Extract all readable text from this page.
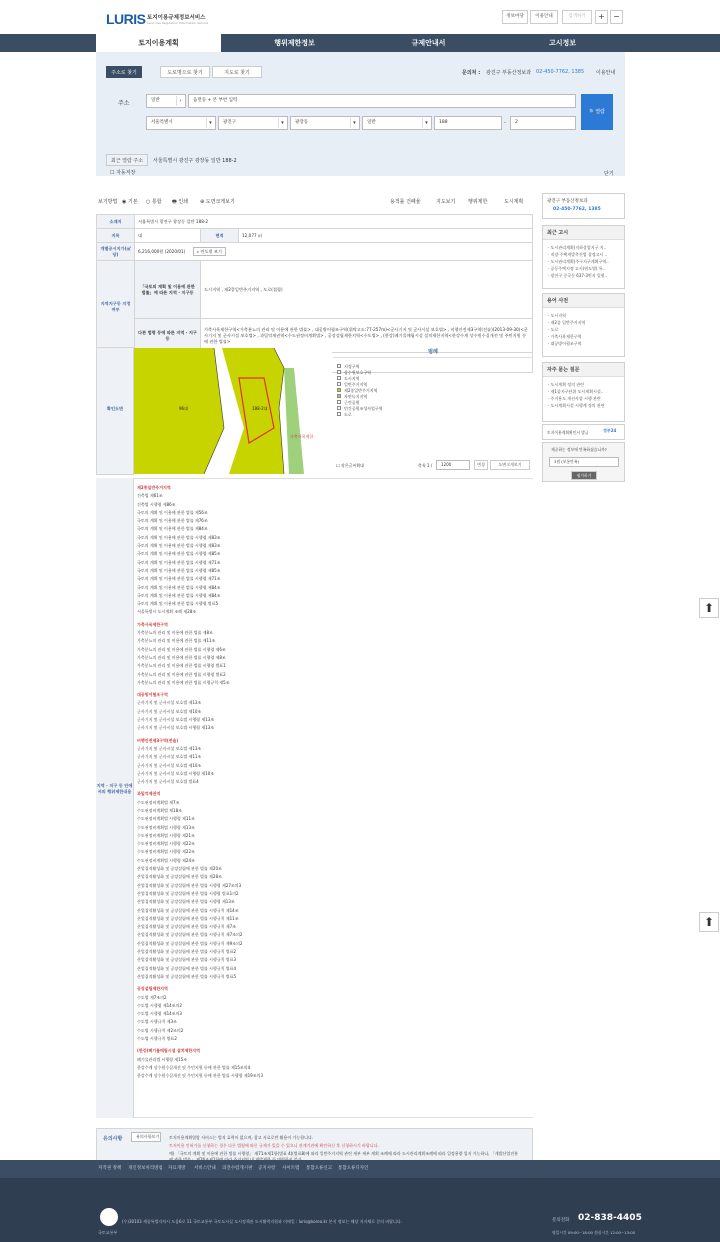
LURIS 토지이용규제정보서비스
Land Use Regulation Information Service
정보마당	이용안내	검색하기	+	−
토지이용계획	행위제한정보	규제안내서	고시정보
주소로 찾기	도로명으로 찾기	지도로 찾기	문의처 : 광진구 부동산정보과 02-450-7762, 1385 이용안내
주소	일반	›	읍면동 + 본 부번 입력
서울특별시	▾	광진구	▾	광장동	▾	일반	▾	188	-	2
🔍열람
최근 열람 주소	서울특별시 광진구 광장동 일반 188-2
☐ 자동저장	닫기
보기방법 ◉ 기본 ○ 통합 🖶 인쇄 ⊕ 도면크게보기	용적률 건폐율	지도보기	행위제한	도시계획
소재지	서울특별시 광진구 광장동 일반 188-2		
지목	대	면적	12,077 ㎡
개별공시지가(㎡당)	6,216,000원 (2020/01) ⌕ 연도별 보기		
지역지구등 지정여부	「국토의 계획 및 이용에 관한 법률」에 따른 지역 · 지구등	도시지역 , 제2종일반주거지역 , 도로(접합)	
	다른 법령 등에 따른 지역 · 지구등	가축사육제한구역<가축분뇨의 관리 및 이용에 관한 법률> , 대공방어협조구역(위탁고도:77-257m)<군사기지 및 군사시설 보호법> , 비행안전제3구역(전술)(2013-09-30)<군사기지 및 군사시설 보호법> , 과밀억제권역<수도권정비계획법> , 공장설립제한지역<수도법> , (한강)폐기물매립시설 설치제한지역<한강수계 상수원수질개선 및 주민지원 등에 관한 법률>	

확인도면	96대	188-2대
가축사육제한
범례
지정구역
상수원보호구역
도시지역
일반주거지역
제2종일반주거지역
자연녹지지역
근린공원
민간공원조성사업구역
도로
☐ 작은글씨확대	축척 1 /	1200	변경	도면크게보기
지역 · 지구 등 안에서의 행위제한내용
제2종일반주거지역
건축법 제61조
건축법 시행령 제86조
국토의 계획 및 이용에 관한 법률 제56조
국토의 계획 및 이용에 관한 법률 제76조
국토의 계획 및 이용에 관한 법률 제84조
국토의 계획 및 이용에 관한 법률 시행령 제83조
국토의 계획 및 이용에 관한 법률 시행령 제83조
국토의 계획 및 이용에 관한 법률 시행령 제85조
국토의 계획 및 이용에 관한 법률 시행령 제71조
국토의 계획 및 이용에 관한 법률 시행령 제85조
국토의 계획 및 이용에 관한 법률 시행령 제71조
국토의 계획 및 이용에 관한 법률 시행령 제84조
국토의 계획 및 이용에 관한 법률 시행령 제84조
국토의 계획 및 이용에 관한 법률 시행령 별표5
서울특별시 도시계획 조례 제28조
가축사육제한구역
가축분뇨의 관리 및 이용에 관한 법률 제8조
가축분뇨의 관리 및 이용에 관한 법률 제11조
가축분뇨의 관리 및 이용에 관한 법률 시행령 제6조
가축분뇨의 관리 및 이용에 관한 법률 시행령 제8조
가축분뇨의 관리 및 이용에 관한 법률 시행령 별표1
가축분뇨의 관리 및 이용에 관한 법률 시행령 별표2
가축분뇨의 관리 및 이용에 관한 법률 시행규칙 제5조
대공방어협조구역
군사기지 및 군사시설 보호법 제13조
군사기지 및 군사시설 보호법 제10조
군사기지 및 군사시설 보호법 시행령 제13조
군사기지 및 군사시설 보호법 시행령 제13조
비행안전제3구역(전술)
군사기지 및 군사시설 보호법 제13조
군사기지 및 군사시설 보호법 제11조
군사기지 및 군사시설 보호법 제10조
군사기지 및 군사시설 보호법 시행령 제10조
군사기지 및 군사시설 보호법 별표4
과밀억제권역
수도권정비계획법 제7조
수도권정비계획법 제18조
수도권정비계획법 시행령 제11조
수도권정비계획법 시행령 제13조
수도권정비계획법 시행령 제21조
수도권정비계획법 시행령 제22조
수도권정비계획법 시행령 제22조
수도권정비계획법 시행령 제24조
산업집적활성화 및 공장설립에 관한 법률 제20조
산업집적활성화 및 공장설립에 관한 법률 제28조
산업집적활성화 및 공장설립에 관한 법률 시행령 제27조의3
산업집적활성화 및 공장설립에 관한 법률 시행령 별표1의2
산업집적활성화 및 공장설립에 관한 법률 시행령 제13조
산업집적활성화 및 공장설립에 관한 법률 시행규칙 제14조
산업집적활성화 및 공장설립에 관한 법률 시행규칙 제11조
산업집적활성화 및 공장설립에 관한 법률 시행규칙 제7조
산업집적활성화 및 공장설립에 관한 법률 시행규칙 제7조의2
산업집적활성화 및 공장설립에 관한 법률 시행규칙 제9조의2
산업집적활성화 및 공장설립에 관한 법률 시행규칙 별표2
산업집적활성화 및 공장설립에 관한 법률 시행규칙 별표3
산업집적활성화 및 공장설립에 관한 법률 시행규칙 별표4
산업집적활성화 및 공장설립에 관한 법률 시행규칙 별표5
공장설립제한지역
수도법 제7조의2
수도법 시행령 제14조의2
수도법 시행령 제14조의3
수도법 시행규칙 제3조
수도법 시행규칙 제2조의2
수도법 시행규칙 별표2
(한강)폐기물매립시설 설치제한지역
폐기물관리법 시행령 제15조
한강수계 상수원수질개선 및 주민지원 등에 관한 법률 제15조의4
한강수계 상수원수질개선 및 주민지원 등에 관한 법률 시행령 제19조의3
유의사항	유의사항보기	토지이용계획열람 서비스는 법적 효력이 없으며, 참고 자료로만 활용이 가능합니다.
토지이용 인허가를 신청하는 경우 다른 법령에 따른 규제가 있을 수 있으니 관계기관에 확인하신 후 신청하시기 바랍니다.
예) 「국토의 계획 및 이용에 관한 법률 시행령」 제71조제1항(별표 4)(별표8)에 따라 일반주거지역 관련 세부 세부 계획 조례에 따라 도시관리계획조례에 따라 일정용량 입지 가능하나, 「개발산업진흥
광진구 부동산정보과
02-450-7762, 1385
최근 고시
· 도시관리계획(지하상업지구 지..
· 직장·주택개발촉진법 결정고시 ..
· 도시관리계획(주구지구계획구역..
· 공동주택지정 고시(연도별) 특..
· 광진구 중곡동 637-3번지 일원..
용어 사전
· 도시지역
· 제2종 일반주거지역
· 도로
· 가축사육제한구역
· 대공방어협조구역
자주 묻는 질문
· 도시계획 정의 관련
· 제1종지구단위 도시계획시설..
· 주거용도 개선사업 시행 관련
· 도시계획시설 시행계 정의 관련
토지이용계획확인서 발급	정부24
제공하는 정보에 만족하셨습니까?
3점 (보통만족)
평가하기
⬆
⬆
저작권 정책 개인정보처리방침 자료개방 서비스안내 의견수렴게시판 공지사항 사이트맵 통합오류신고 통합오류디자인
국토교통부
(우)30103 세종특별자치시 도움6로 11 국토교통부 국토도시실 도시정책관 도시활력지원과 이메일 : luris@korea.kr 본지 정보는 해당 지자체로 문의 바랍니다.	문의전화 02-838-4405
평일시간 09:00~18:00 점심시간 12:00~13:00
